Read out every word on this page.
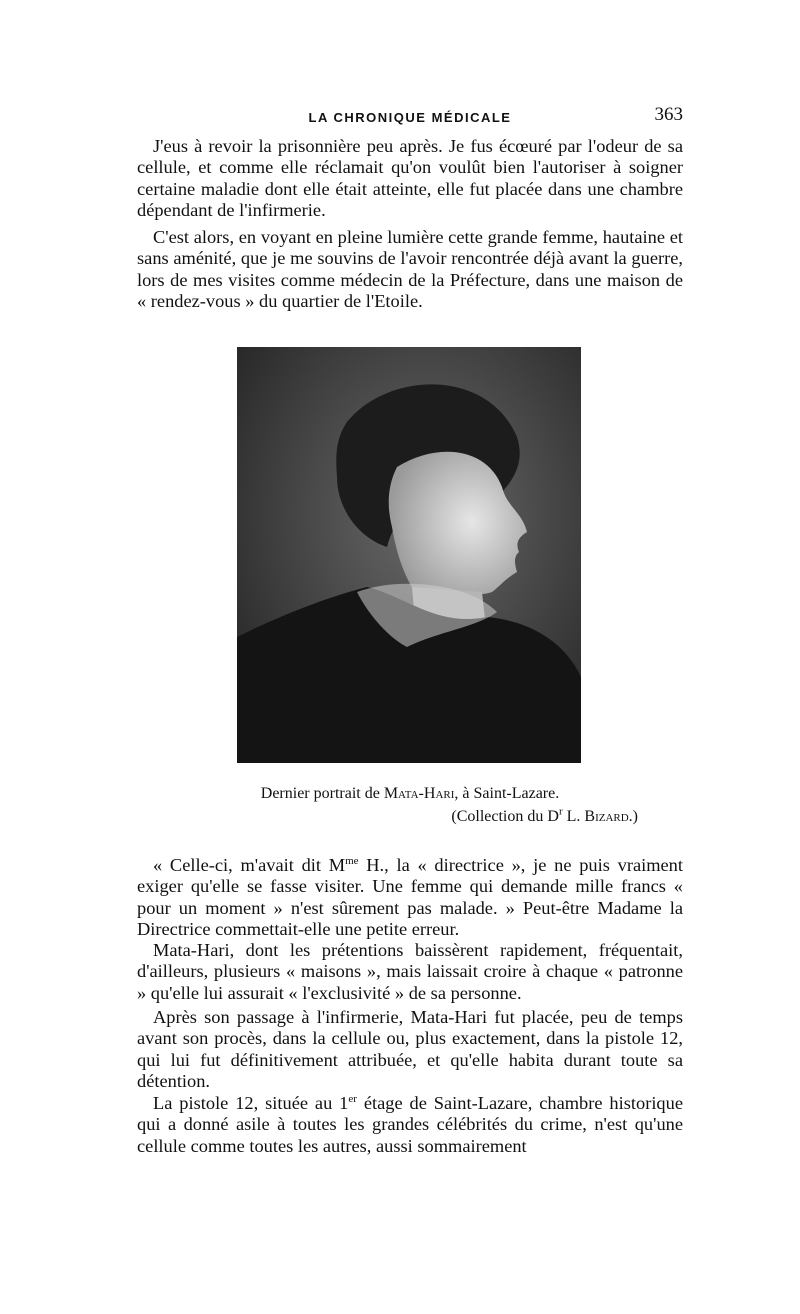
LA CHRONIQUE MÉDICALE	363

J'eus à revoir la prisonnière peu après. Je fus écœuré par l'odeur de sa cellule, et comme elle réclamait qu'on voulût bien l'autoriser à soigner certaine maladie dont elle était atteinte, elle fut placée dans une chambre dépendant de l'infirmerie.

C'est alors, en voyant en pleine lumière cette grande femme, hautaine et sans aménité, que je me souvins de l'avoir rencontrée déjà avant la guerre, lors de mes visites comme médecin de la Préfecture, dans une maison de « rendez-vous » du quartier de l'Etoile.

Dernier portrait de Mata-Hari, à Saint-Lazare.
(Collection du $D^r$ L. Bizard.)

« Celle-ci, m'avait dit $M^{me}$ H., la « directrice », je ne puis vraiment exiger qu'elle se fasse visiter. Une femme qui demande mille francs « pour un moment » n'est sûrement pas malade. » Peut-être Madame la Directrice commettait-elle une petite erreur.

Mata-Hari, dont les prétentions baissèrent rapidement, fréquentait, d'ailleurs, plusieurs « maisons », mais laissait croire à chaque « patronne » qu'elle lui assurait « l'exclusivité » de sa personne.

Après son passage à l'infirmerie, Mata-Hari fut placée, peu de temps avant son procès, dans la cellule ou, plus exactement, dans la pistole 12, qui lui fut définitivement attribuée, et qu'elle habita durant toute sa détention.

La pistole 12, située au 1er étage de Saint-Lazare, chambre historique qui a donné asile à toutes les grandes célébrités du crime, n'est qu'une cellule comme toutes les autres, aussi sommairement
